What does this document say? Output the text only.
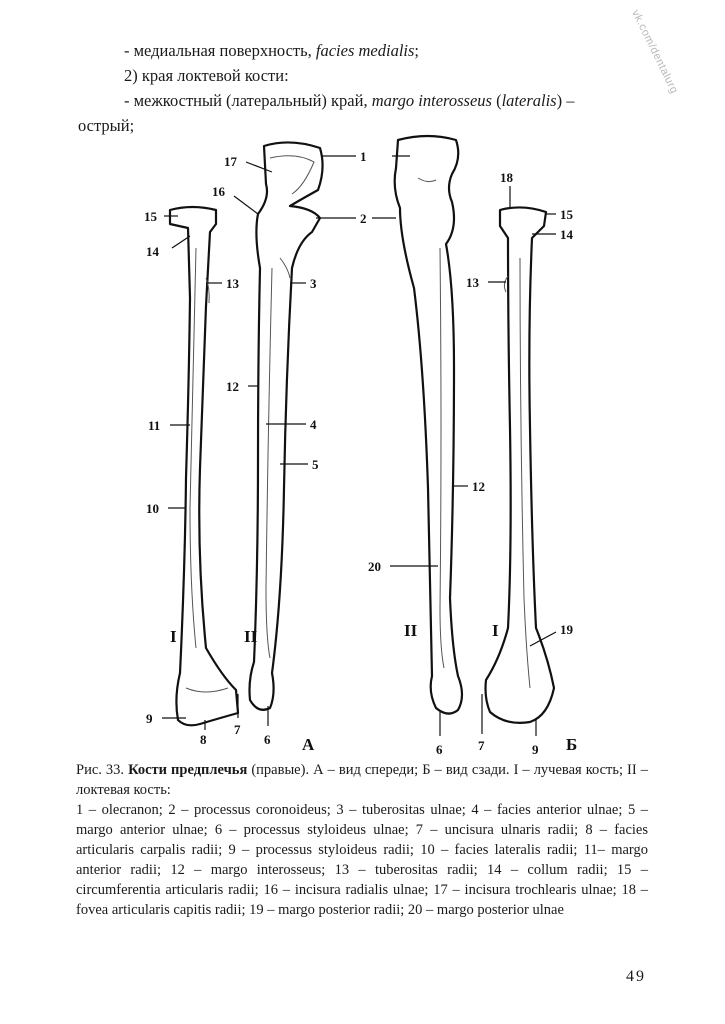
vk.com/dentalurg
- медиальная поверхность, facies medialis;
2) края локтевой кости:
- межкостный (латеральный) край, margo interosseus (lateralis) –
острый;
1
2
3
4
5
6
7
8
9
10
11
12
13
14
15
16
17
6	7	9
12
13
14
15
18
19
20
I	II	II	I
А	Б
Рис. 33. Кости предплечья (правые). А – вид спереди; Б – вид сзади. I – лучевая кость; II – локтевая кость:
1 – olecranon; 2 – processus coronoideus; 3 – tuberositas ulnae; 4 – facies anterior ulnae; 5 – margo anterior ulnae; 6 – processus styloideus ulnae; 7 – uncisura ulnaris radii; 8 – facies articularis carpalis radii; 9 – processus styloideus radii; 10 – facies lateralis radii; 11– margo anterior radii; 12 – margo interosseus; 13 – tuberositas radii; 14 – collum radii; 15 – circumferentia articularis radii; 16 – incisura radialis ulnae; 17 – incisura trochlearis ulnae; 18 – fovea articularis capitis radii; 19 – margo posterior radii; 20 – margo posterior ulnae
49
